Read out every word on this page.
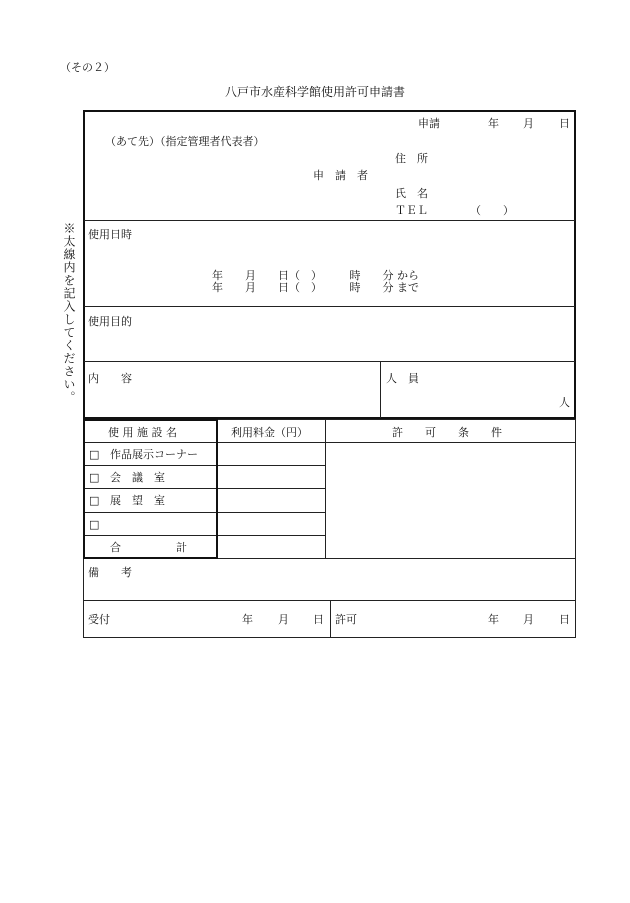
（その２）
八戸市水産科学館使用許可申請書
※太線内を記入してください。
申請	年 月 日
（あて先）（指定管理者代表者）
住　所
申　請　者
氏　名
ＴＥＬ	（　　）
使用日時
年　　月　　日（　）　　　時　　分 から
年　　月　　日（　）　　　時　　分 まで
使用目的
内　　容	人　員
人
使 用 施 設 名	利用料金（円）	許　　可　　条　　件
□ 作品展示コーナー
□ 会　議　室
□ 展　望　室
□
合　　　　　計
備　　考
受付	年 月 日 許可	年 月 日
